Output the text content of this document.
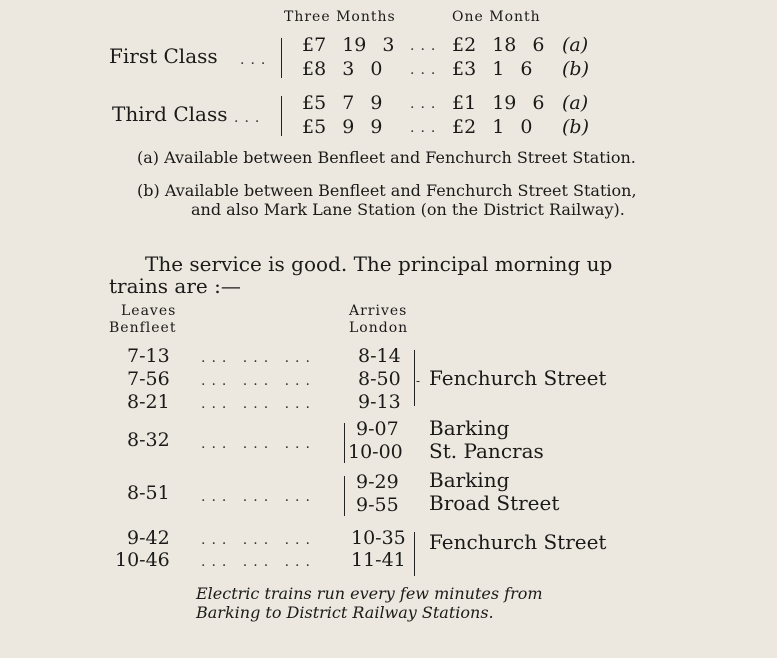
Three Months	One Month
First Class ...
£7 19 3 ... £2 18 6 (a)
£8 3 0 ... £3 1 6 (b)
Third Class ...
£5 7 9 ... £1 19 6 (a)
£5 9 9 ... £2 1 0 (b)
(a) Available between Benfleet and Fenchurch Street Station.
(b) Available between Benfleet and Fenchurch Street Station,
and also Mark Lane Station (on the District Railway).
The service is good. The principal morning up
trains are :—
Leaves
Benfleet
Arrives
London
7-13 ... ... ... 8-14
7-56 ... ... ... 8-50
8-21 ... ... ... 9-13
- Fenchurch Street
8-32 ... ... ...
9-07
10-00
Barking
St. Pancras
8-51 ... ... ...
9-29
9-55
Barking
Broad Street
9-42 ... ... ... 10-35
10-46 ... ... ... 11-41
Fenchurch Street
Electric trains run every few minutes from
Barking to District Railway Stations.
